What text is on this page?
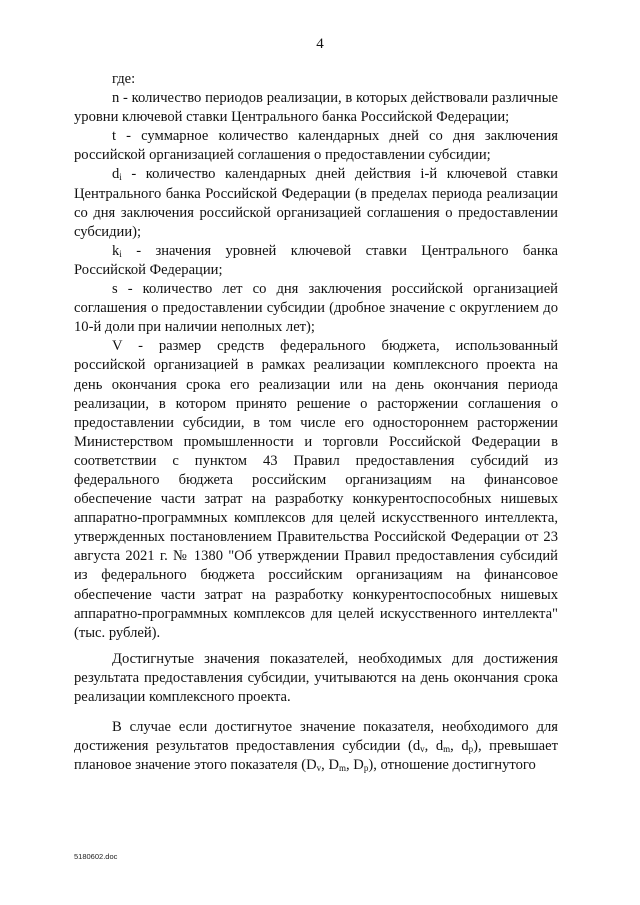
4

где:

n - количество периодов реализации, в которых действовали различные уровни ключевой ставки Центрального банка Российской Федерации;

t - суммарное количество календарных дней со дня заключения российской организацией соглашения о предоставлении субсидии;

$d_i$ - количество календарных дней действия i-й ключевой ставки Центрального банка Российской Федерации (в пределах периода реализации со дня заключения российской организацией соглашения о предоставлении субсидии);

$k_i$ - значения уровней ключевой ставки Центрального банка Российской Федерации;

s - количество лет со дня заключения российской организацией соглашения о предоставлении субсидии (дробное значение с округлением до 10-й доли при наличии неполных лет);

V - размер средств федерального бюджета, использованный российской организацией в рамках реализации комплексного проекта на день окончания срока его реализации или на день окончания периода реализации, в котором принято решение о расторжении соглашения о предоставлении субсидии, в том числе его одностороннем расторжении Министерством промышленности и торговли Российской Федерации в соответствии с пунктом 43 Правил предоставления субсидий из федерального бюджета российским организациям на финансовое обеспечение части затрат на разработку конкурентоспособных нишевых аппаратно-программных комплексов для целей искусственного интеллекта, утвержденных постановлением Правительства Российской Федерации от 23 августа 2021 г. № 1380 "Об утверждении Правил предоставления субсидий из федерального бюджета российским организациям на финансовое обеспечение части затрат на разработку конкурентоспособных нишевых аппаратно-программных комплексов для целей искусственного интеллекта" (тыс. рублей).

Достигнутые значения показателей, необходимых для достижения результата предоставления субсидии, учитываются на день окончания срока реализации комплексного проекта.

В случае если достигнутое значение показателя, необходимого для достижения результатов предоставления субсидии ($d_v$, $d_m$, $d_p$), превышает плановое значение этого показателя ($D_v$, $D_m$, $D_p$), отношение достигнутого

5180602.doc
